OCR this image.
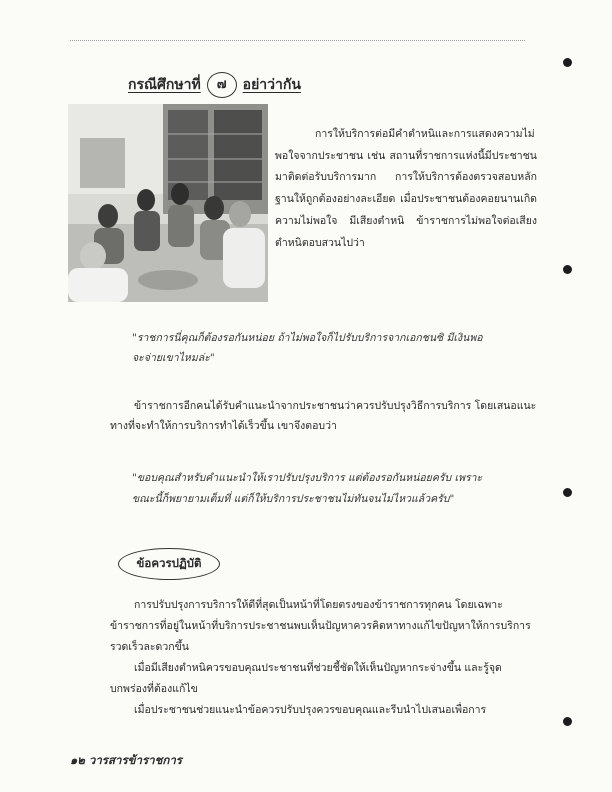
กรณีศึกษาที่	๗	อย่าว่ากัน

การให้บริการต่อมีคำตำหนิและการแสดงความไม่พอใจจากประชาชน เช่น สถานที่ราชการแห่งนี้มีประชาชนมาติดต่อรับบริการมาก การให้บริการต้องตรวจสอบหลักฐานให้ถูกต้องอย่างละเอียด เมื่อประชาชนต้องคอยนานเกิดความไม่พอใจ มีเสียงตำหนิ ข้าราชการไม่พอใจต่อเสียงตำหนิตอบสวนไปว่า

"ราชการนี่คุณก็ต้องรอกันหน่อย ถ้าไม่พอใจก็ไปรับบริการจากเอกชนซิ มีเงินพอจะจ่ายเขาไหมล่ะ"

ข้าราชการอีกคนได้รับคำแนะนำจากประชาชนว่าควรปรับปรุงวิธีการบริการ โดยเสนอแนะทางที่จะทำให้การบริการทำได้เร็วขึ้น เขาจึงตอบว่า

"ขอบคุณสำหรับคำแนะนำให้เราปรับปรุงบริการ แต่ต้องรอกันหน่อยครับ เพราะขณะนี้ก็พยายามเต็มที่ แต่ก็ให้บริการประชาชนไม่ทันจนไม่ไหวแล้วครับ"
ข้อควรปฏิบัติ

การปรับปรุงการบริการให้ดีที่สุดเป็นหน้าที่โดยตรงของข้าราชการทุกคน โดยเฉพาะข้าราชการที่อยู่ในหน้าที่บริการประชาชนพบเห็นปัญหาควรคิดหาทางแก้ไขปัญหาให้การบริการรวดเร็วละดวกขึ้น

เมื่อมีเสียงตำหนิควรขอบคุณประชาชนที่ช่วยชี้ชัดให้เห็นปัญหากระจ่างขึ้น และรู้จุดบกพร่องที่ต้องแก้ไข

เมื่อประชาชนช่วยแนะนำข้อควรปรับปรุงควรขอบคุณและรีบนำไปเสนอเพื่อการ

๑๒ วารสารข้าราชการ
